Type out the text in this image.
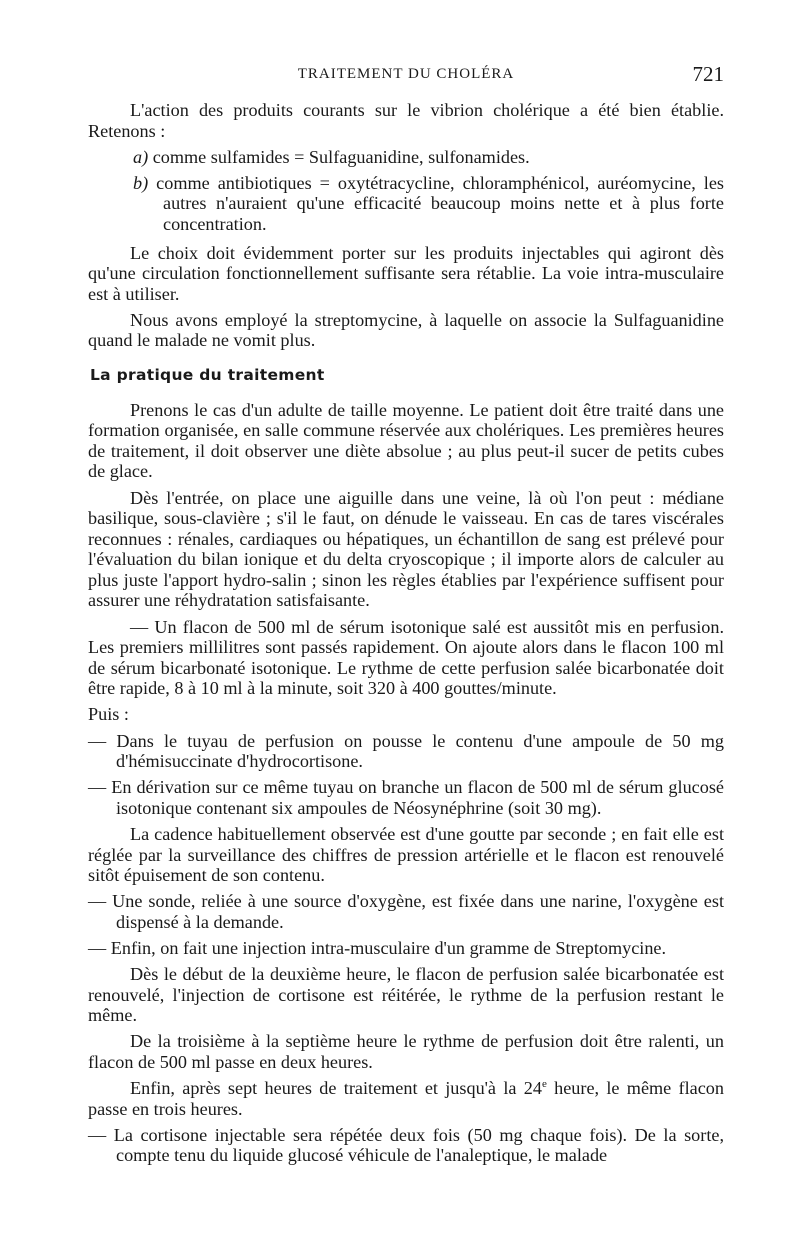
TRAITEMENT DU CHOLÉRA	721

L'action des produits courants sur le vibrion cholérique a été bien établie. Retenons :

a) comme sulfamides = Sulfaguanidine, sulfonamides.

b) comme antibiotiques = oxytétracycline, chloramphénicol, auréomycine, les autres n'auraient qu'une efficacité beaucoup moins nette et à plus forte concentration.

Le choix doit évidemment porter sur les produits injectables qui agiront dès qu'une circulation fonctionnellement suffisante sera rétablie. La voie intra-musculaire est à utiliser.

Nous avons employé la streptomycine, à laquelle on associe la Sulfaguanidine quand le malade ne vomit plus.

La pratique du traitement

Prenons le cas d'un adulte de taille moyenne. Le patient doit être traité dans une formation organisée, en salle commune réservée aux cholériques. Les premières heures de traitement, il doit observer une diète absolue ; au plus peut-il sucer de petits cubes de glace.

Dès l'entrée, on place une aiguille dans une veine, là où l'on peut : médiane basilique, sous-clavière ; s'il le faut, on dénude le vaisseau. En cas de tares viscérales reconnues : rénales, cardiaques ou hépatiques, un échantillon de sang est prélevé pour l'évaluation du bilan ionique et du delta cryoscopique ; il importe alors de calculer au plus juste l'apport hydro-salin ; sinon les règles établies par l'expérience suffisent pour assurer une réhydratation satisfaisante.

— Un flacon de 500 ml de sérum isotonique salé est aussitôt mis en perfusion. Les premiers millilitres sont passés rapidement. On ajoute alors dans le flacon 100 ml de sérum bicarbonaté isotonique. Le rythme de cette perfusion salée bicarbonatée doit être rapide, 8 à 10 ml à la minute, soit 320 à 400 gouttes/minute.

Puis :

— Dans le tuyau de perfusion on pousse le contenu d'une ampoule de 50 mg d'hémisuccinate d'hydrocortisone.

— En dérivation sur ce même tuyau on branche un flacon de 500 ml de sérum glucosé isotonique contenant six ampoules de Néosynéphrine (soit 30 mg).

La cadence habituellement observée est d'une goutte par seconde ; en fait elle est réglée par la surveillance des chiffres de pression artérielle et le flacon est renouvelé sitôt épuisement de son contenu.

— Une sonde, reliée à une source d'oxygène, est fixée dans une narine, l'oxygène est dispensé à la demande.

— Enfin, on fait une injection intra-musculaire d'un gramme de Streptomycine.

Dès le début de la deuxième heure, le flacon de perfusion salée bicarbonatée est renouvelé, l'injection de cortisone est réitérée, le rythme de la perfusion restant le même.

De la troisième à la septième heure le rythme de perfusion doit être ralenti, un flacon de 500 ml passe en deux heures.

Enfin, après sept heures de traitement et jusqu'à la 24e heure, le même flacon passe en trois heures.

— La cortisone injectable sera répétée deux fois (50 mg chaque fois). De la sorte, compte tenu du liquide glucosé véhicule de l'analeptique, le malade
